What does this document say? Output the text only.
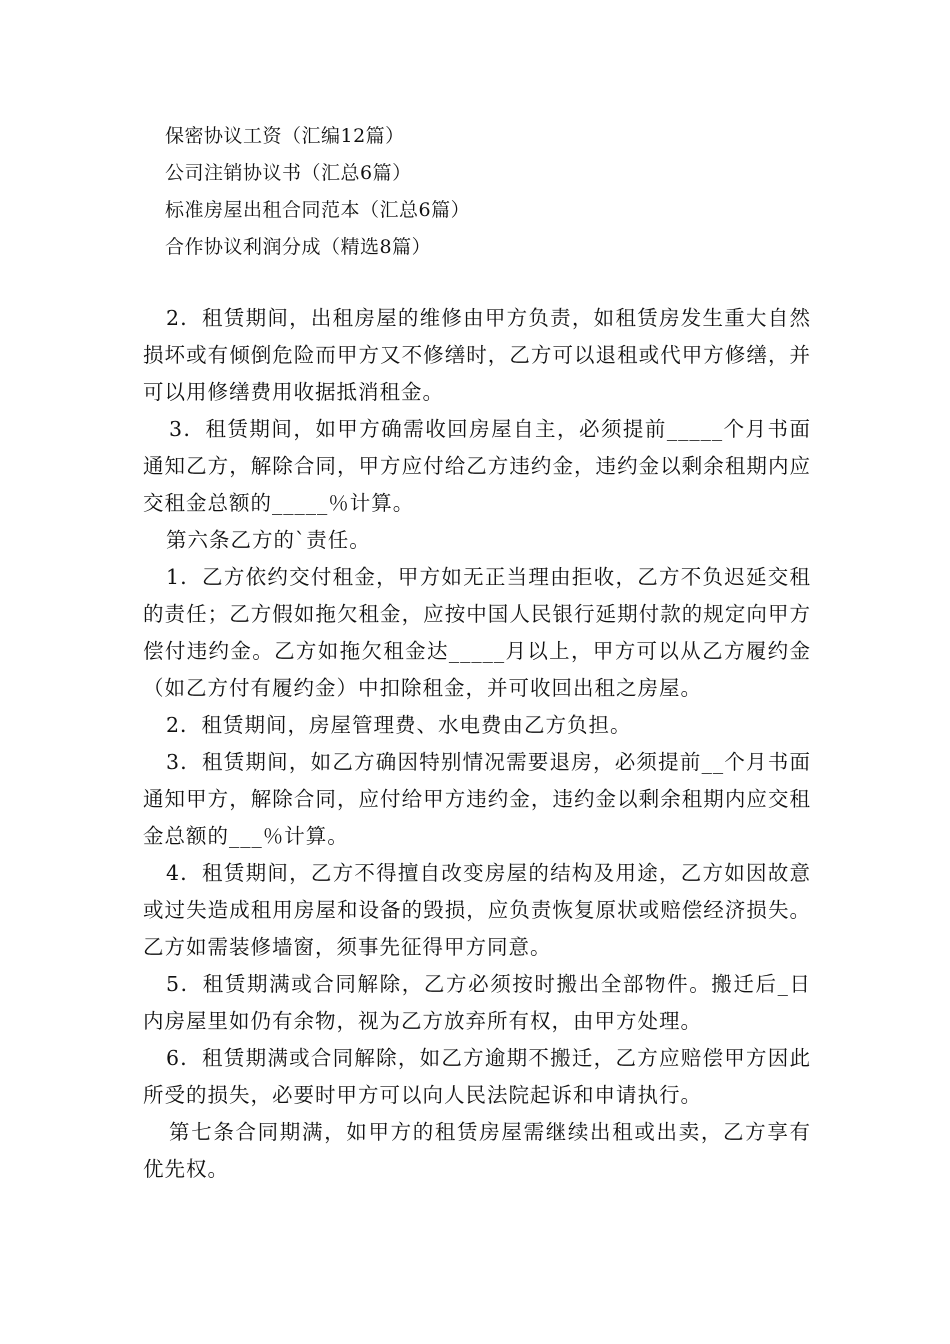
保密协议工资（汇编12篇）
公司注销协议书（汇总6篇）
标准房屋出租合同范本（汇总6篇）
合作协议利润分成（精选8篇）

2．租赁期间，出租房屋的维修由甲方负责，如租赁房发生重大自然损坏或有倾倒危险而甲方又不修缮时，乙方可以退租或代甲方修缮，并可以用修缮费用收据抵消租金。

3．租赁期间，如甲方确需收回房屋自主，必须提前_____个月书面通知乙方，解除合同，甲方应付给乙方违约金，违约金以剩余租期内应交租金总额的_____％计算。

第六条乙方的`责任。

1．乙方依约交付租金，甲方如无正当理由拒收，乙方不负迟延交租的责任；乙方假如拖欠租金，应按中国人民银行延期付款的规定向甲方偿付违约金。乙方如拖欠租金达_____月以上，甲方可以从乙方履约金（如乙方付有履约金）中扣除租金，并可收回出租之房屋。

2．租赁期间，房屋管理费、水电费由乙方负担。

3．租赁期间，如乙方确因特别情况需要退房，必须提前__个月书面通知甲方，解除合同，应付给甲方违约金，违约金以剩余租期内应交租金总额的___％计算。

4．租赁期间，乙方不得擅自改变房屋的结构及用途，乙方如因故意或过失造成租用房屋和设备的毁损，应负责恢复原状或赔偿经济损失。乙方如需装修墙窗，须事先征得甲方同意。

5．租赁期满或合同解除，乙方必须按时搬出全部物件。搬迁后_日内房屋里如仍有余物，视为乙方放弃所有权，由甲方处理。

6．租赁期满或合同解除，如乙方逾期不搬迁，乙方应赔偿甲方因此所受的损失，必要时甲方可以向人民法院起诉和申请执行。

第七条合同期满，如甲方的租赁房屋需继续出租或出卖，乙方享有优先权。
